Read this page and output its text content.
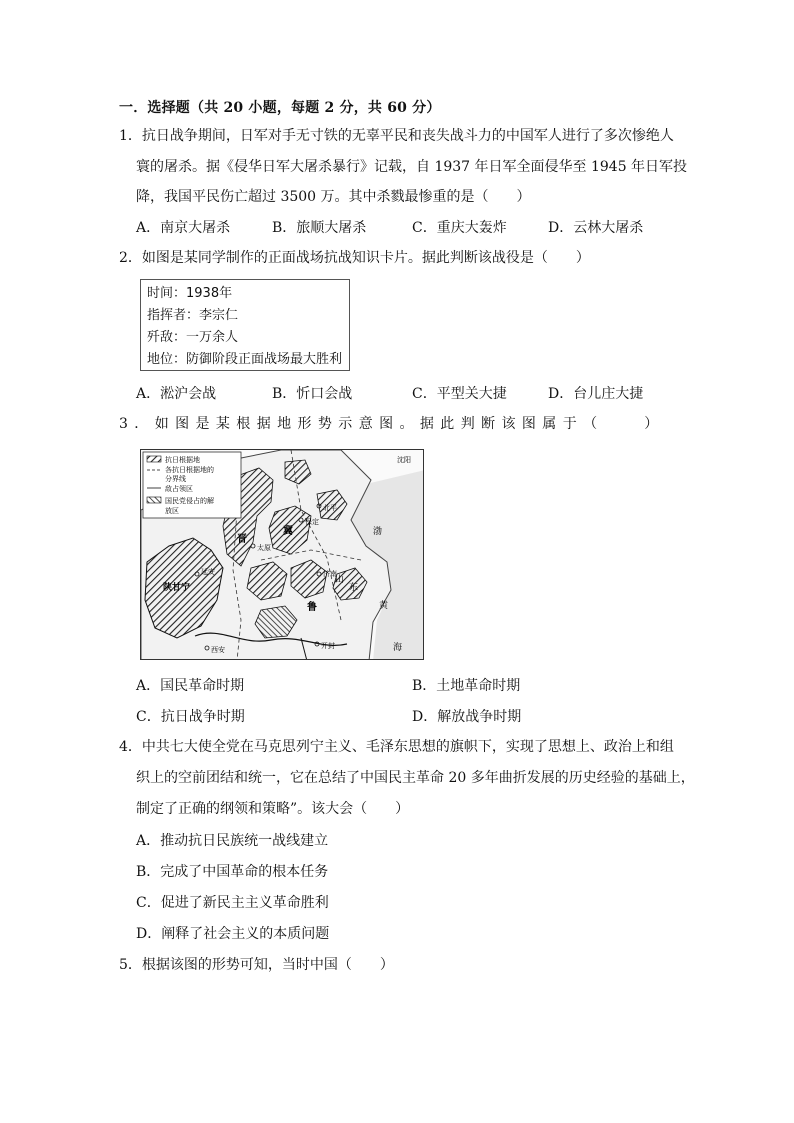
一．选择题（共 20 小题，每题 2 分，共 60 分）
1．抗日战争期间，日军对手无寸铁的无辜平民和丧失战斗力的中国军人进行了多次惨绝人
寰的屠杀。据《侵华日军大屠杀暴行》记载，自 1937 年日军全面侵华至 1945 年日军投
降，我国平民伤亡超过 3500 万。其中杀戮最惨重的是（　　）
A．南京大屠杀	B．旅顺大屠杀	C．重庆大轰炸	D．云林大屠杀
2．如图是某同学制作的正面战场抗战知识卡片。据此判断该战役是（　　）
时间：1938年
指挥者：李宗仁
歼敌：一万余人
地位：防御阶段正面战场最大胜利
A．淞沪会战	B．忻口会战	C．平型关大捷	D．台儿庄大捷
3．如图是某根据地形势示意图。据此判断该图属于（　　）
抗日根据地
各抗日根据地的
分界线
敌占领区
国民党侵占的解
放区
陕甘宁
晋
冀
鲁
山
东
黄
渤
海
北平
西安	开封
济南
太原
延安
保定
沈阳
A．国民革命时期	B．土地革命时期
C．抗日战争时期	D．解放战争时期
4．中共七大使全党在马克思列宁主义、毛泽东思想的旗帜下，实现了思想上、政治上和组
织上的空前团结和统一，它在总结了中国民主革命 20 多年曲折发展的历史经验的基础上，
制定了正确的纲领和策略”。该大会（　　）
A．推动抗日民族统一战线建立
B．完成了中国革命的根本任务
C．促进了新民主主义革命胜利
D．阐释了社会主义的本质问题
5．根据该图的形势可知，当时中国（　　）
